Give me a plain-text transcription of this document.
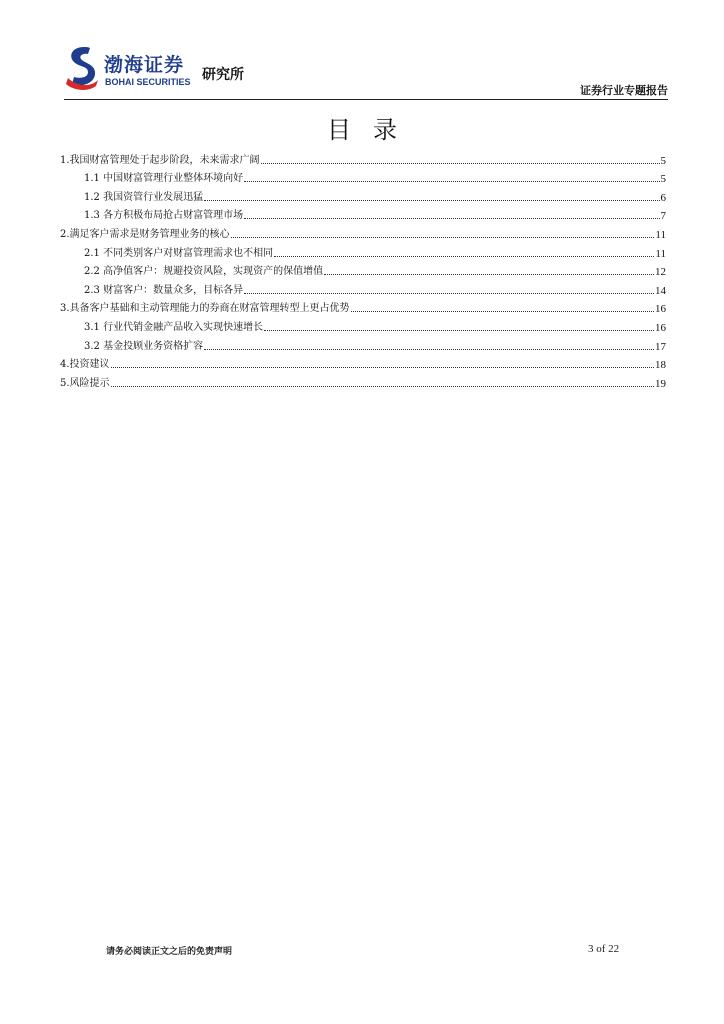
渤海证券
BOHAI SECURITIES 研究所
证券行业专题报告
目录
1.我国财富管理处于起步阶段，未来需求广阔	5
1.1 中国财富管理行业整体环境向好	5
1.2 我国资管行业发展迅猛	6
1.3 各方积极布局抢占财富管理市场	7
2.满足客户需求是财务管理业务的核心	11
2.1 不同类别客户对财富管理需求也不相同	11
2.2 高净值客户：规避投资风险，实现资产的保值增值	12
2.3 财富客户：数量众多，目标各异	14
3.具备客户基础和主动管理能力的券商在财富管理转型上更占优势	16
3.1 行业代销金融产品收入实现快速增长	16
3.2 基金投顾业务资格扩容	17
4.投资建议	18
5.风险提示	19
请务必阅读正文之后的免责声明	3 of 22
